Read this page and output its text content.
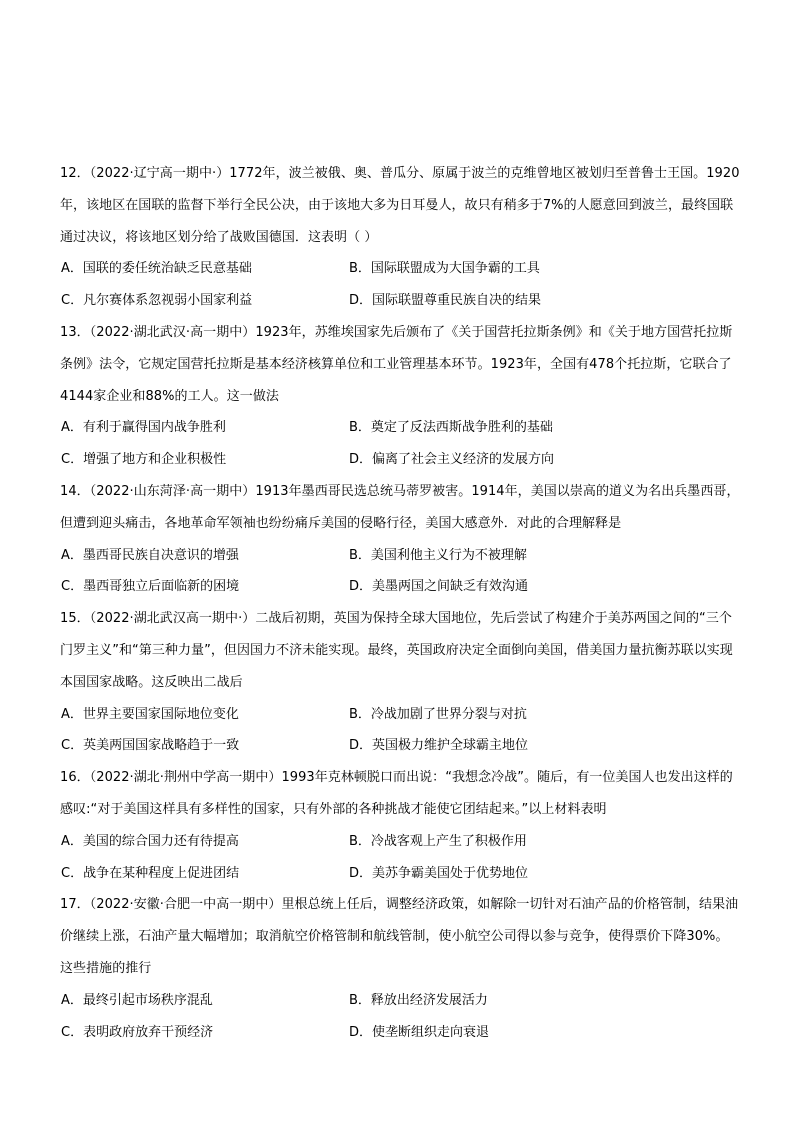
12．（2022·辽宁高一期中·）1772年，波兰被俄、奥、普瓜分、原属于波兰的克维曾地区被划归至普鲁士王国。1920年，该地区在国联的监督下举行全民公决，由于该地大多为日耳曼人，故只有稍多于7%的人愿意回到波兰，最终国联通过决议，将该地区划分给了战败国德国．这表明（ ）
A．国联的委任统治缺乏民意基础	B．国际联盟成为大国争霸的工具
C．凡尔赛体系忽视弱小国家利益	D．国际联盟尊重民族自决的结果
13．（2022·湖北武汉·高一期中）1923年，苏维埃国家先后颁布了《关于国营托拉斯条例》和《关于地方国营托拉斯条例》法令，它规定国营托拉斯是基本经济核算单位和工业管理基本环节。1923年，全国有478个托拉斯，它联合了4144家企业和88%的工人。这一做法
A．有利于赢得国内战争胜利	B．奠定了反法西斯战争胜利的基础
C．增强了地方和企业积极性	D．偏离了社会主义经济的发展方向
14．（2022·山东菏泽·高一期中）1913年墨西哥民选总统马蒂罗被害。1914年，美国以崇高的道义为名出兵墨西哥，但遭到迎头痛击，各地革命军领袖也纷纷痛斥美国的侵略行径，美国大感意外．对此的合理解释是
A．墨西哥民族自决意识的增强	B．美国利他主义行为不被理解
C．墨西哥独立后面临新的困境	D．美墨两国之间缺乏有效沟通
15．（2022·湖北武汉高一期中·）二战后初期，英国为保持全球大国地位，先后尝试了构建介于美苏两国之间的“三个门罗主义”和“第三种力量”，但因国力不济未能实现。最终，英国政府决定全面倒向美国，借美国力量抗衡苏联以实现本国国家战略。这反映出二战后
A．世界主要国家国际地位变化	B．冷战加剧了世界分裂与对抗
C．英美两国国家战略趋于一致	D．英国极力维护全球霸主地位
16．（2022·湖北·荆州中学高一期中）1993年克林顿脱口而出说：“我想念冷战”。随后，有一位美国人也发出这样的感叹:“对于美国这样具有多样性的国家，只有外部的各种挑战才能使它团结起来。”以上材料表明
A．美国的综合国力还有待提高	B．冷战客观上产生了积极作用
C．战争在某种程度上促进团结	D．美苏争霸美国处于优势地位
17．（2022·安徽·合肥一中高一期中）里根总统上任后，调整经济政策，如解除一切针对石油产品的价格管制，结果油价继续上涨，石油产量大幅增加；取消航空价格管制和航线管制，使小航空公司得以参与竞争，使得票价下降30%。这些措施的推行
A．最终引起市场秩序混乱	B．释放出经济发展活力
C．表明政府放弃干预经济	D．使垄断组织走向衰退
